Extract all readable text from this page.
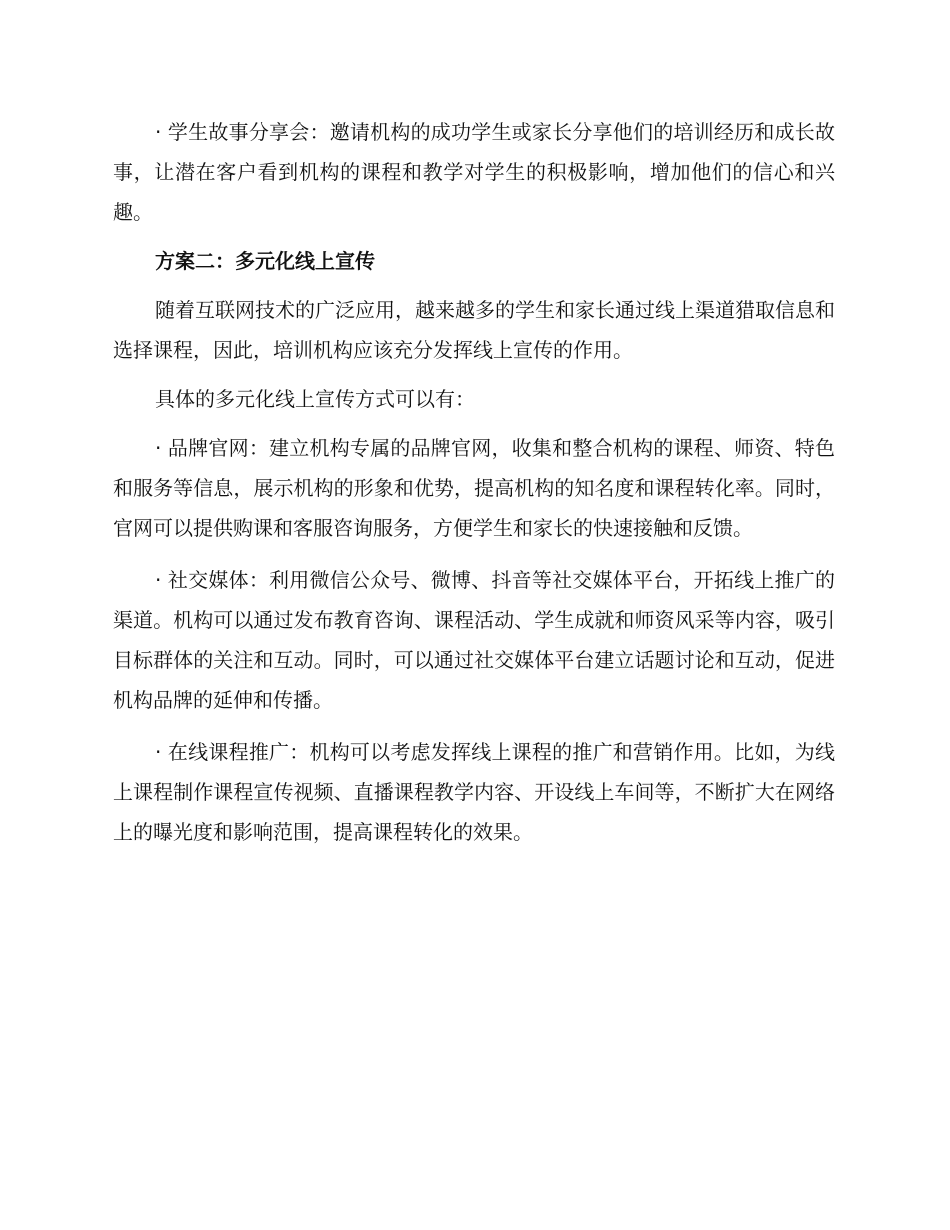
· 学生故事分享会：邀请机构的成功学生或家长分享他们的培训经历和成长故事，让潜在客户看到机构的课程和教学对学生的积极影响，增加他们的信心和兴趣。

方案二：多元化线上宣传

随着互联网技术的广泛应用，越来越多的学生和家长通过线上渠道猎取信息和选择课程，因此，培训机构应该充分发挥线上宣传的作用。

具体的多元化线上宣传方式可以有：

· 品牌官网：建立机构专属的品牌官网，收集和整合机构的课程、师资、特色和服务等信息，展示机构的形象和优势，提高机构的知名度和课程转化率。同时，官网可以提供购课和客服咨询服务，方便学生和家长的快速接触和反馈。

· 社交媒体：利用微信公众号、微博、抖音等社交媒体平台，开拓线上推广的渠道。机构可以通过发布教育咨询、课程活动、学生成就和师资风采等内容，吸引目标群体的关注和互动。同时，可以通过社交媒体平台建立话题讨论和互动，促进机构品牌的延伸和传播。

· 在线课程推广：机构可以考虑发挥线上课程的推广和营销作用。比如，为线上课程制作课程宣传视频、直播课程教学内容、开设线上车间等，不断扩大在网络上的曝光度和影响范围，提高课程转化的效果。
